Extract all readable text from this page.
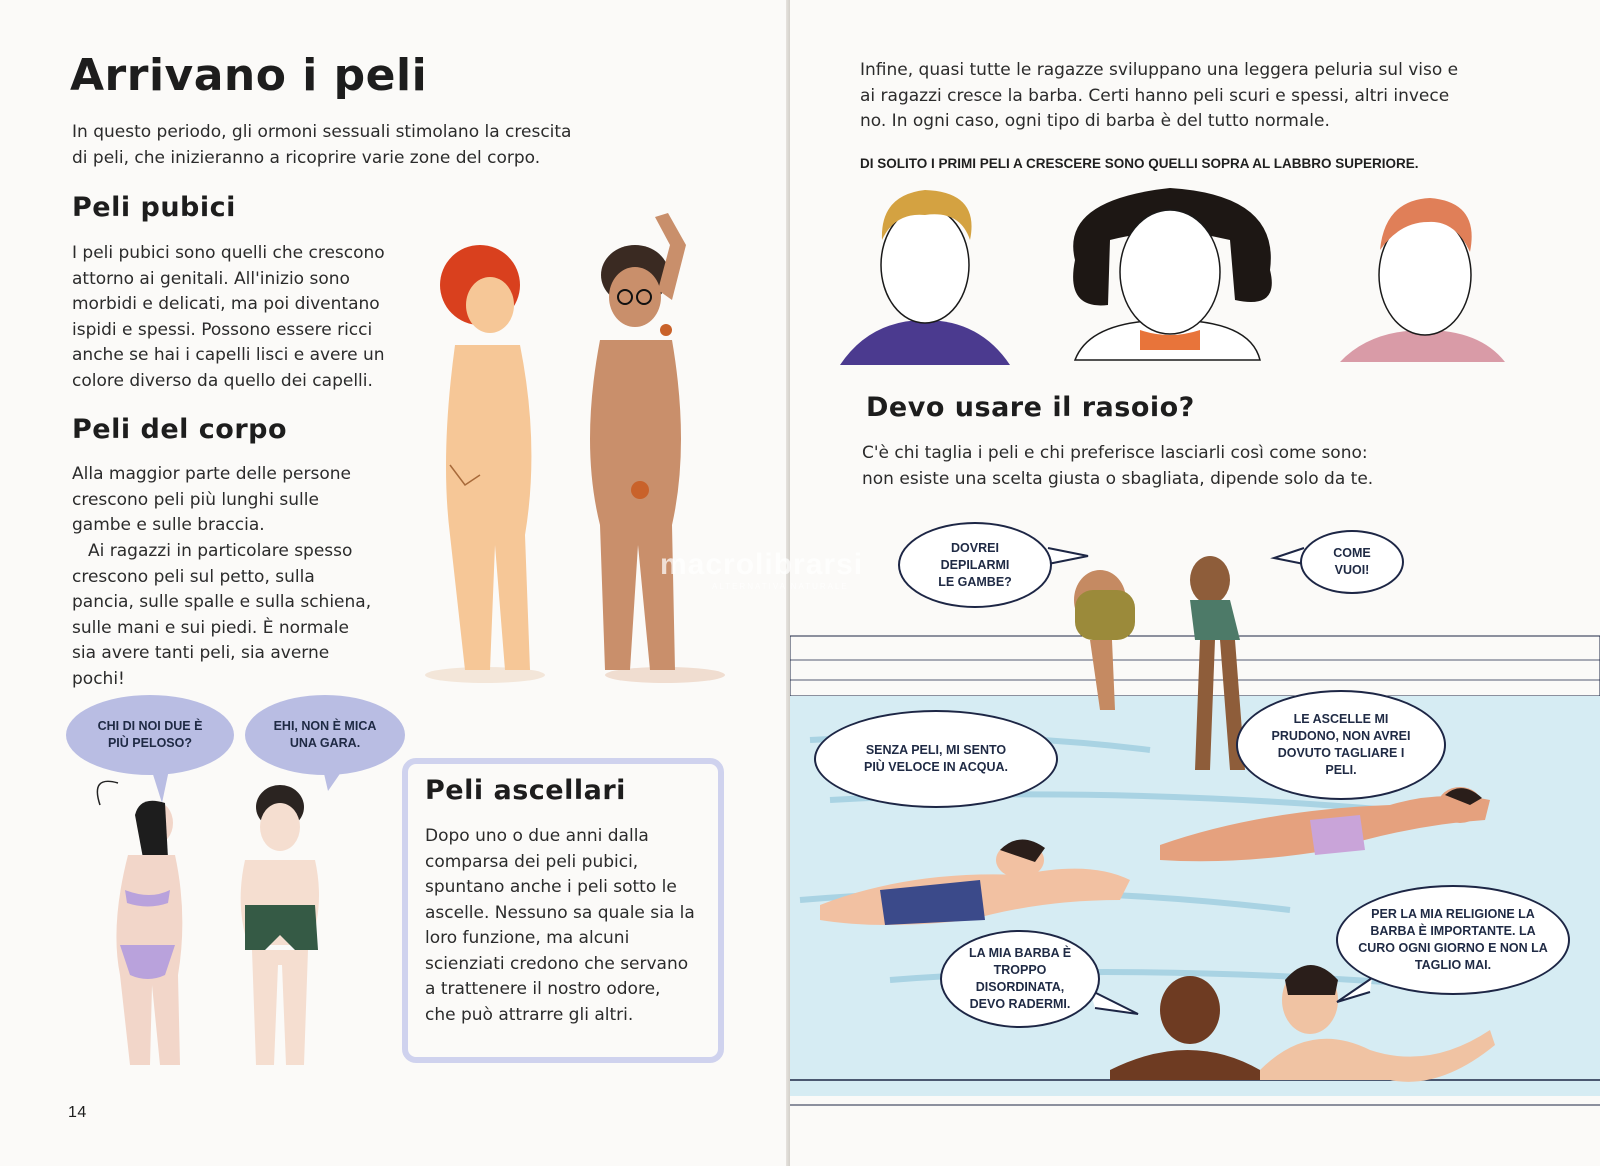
Arrivano i peli

In questo periodo, gli ormoni sessuali stimolano la crescita di peli, che inizieranno a ricoprire varie zone del corpo.

Peli pubici

I peli pubici sono quelli che crescono attorno ai genitali. All'inizio sono morbidi e delicati, ma poi diventano ispidi e spessi. Possono essere ricci anche se hai i capelli lisci e avere un colore diverso da quello dei capelli.

Peli del corpo

Alla maggior parte delle persone crescono peli più lunghi sulle gambe e sulle braccia.

Ai ragazzi in particolare spesso crescono peli sul petto, sulla pancia, sulle spalle e sulla schiena, sulle mani e sui piedi. È normale sia avere tanti peli, sia averne pochi!

CHI DI NOI DUE È PIÙ PELOSO?
EHI, NON È MICA UNA GARA.
Peli ascellari

Dopo uno o due anni dalla comparsa dei peli pubici, spuntano anche i peli sotto le ascelle. Nessuno sa quale sia la loro funzione, ma alcuni scienziati credono che servano a trattenere il nostro odore, che può attrarre gli altri.

14

Infine, quasi tutte le ragazze sviluppano una leggera peluria sul viso e ai ragazzi cresce la barba. Certi hanno peli scuri e spessi, altri invece no. In ogni caso, ogni tipo di barba è del tutto normale.

DI SOLITO I PRIMI PELI A CRESCERE SONO QUELLI SOPRA AL LABBRO SUPERIORE.

Devo usare il rasoio?

C'è chi taglia i peli e chi preferisce lasciarli così come sono: non esiste una scelta giusta o sbagliata, dipende solo da te.

DOVREI DEPILARMI LE GAMBE?
COME VUOI!
SENZA PELI, MI SENTO PIÙ VELOCE IN ACQUA.
LE ASCELLE MI PRUDONO, NON AVREI DOVUTO TAGLIARE I PELI.
LA MIA BARBA È TROPPO DISORDINATA, DEVO RADERMI.
PER LA MIA RELIGIONE LA BARBA È IMPORTANTE. LA CURO OGNI GIORNO E NON LA TAGLIO MAI.
macrolibrarsi
ALTERNATIVA NATURALE
